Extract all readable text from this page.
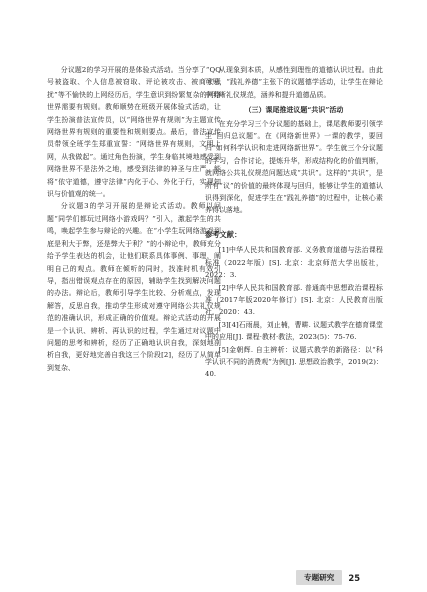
分议题2的学习开展的是体验式活动。当分享了“QQ号被盗取、个人信息被窃取、评论被攻击、被商家骚扰”等不愉快的上网经历后，学生意识到纷繁复杂的网络世界需要有规则。教师顺势在班级开展体验式活动，让学生扮演普法宣传员，以“网络世界有规则”为主题宣传网络世界有规则的重要性和规则要点。最后，普法宣传员带领全班学生郑重宣誓：“网络世界有规则，文明上网，从我做起”。通过角色扮演，学生身临其境地感受到网络世界不是法外之地，感受到法律的神圣与庄严，能将“依守道德，遵守法律”内化于心、外化于行，实现知识与价值观的统一。

分议题3的学习开展的是辩论式活动。教师以问题“同学们都玩过网络小游戏吗？”引入，激起学生的共鸣，唤起学生参与辩论的兴趣。在“小学生玩网络游戏到底是利大于弊，还是弊大于利？”的小辩论中，教师充分给予学生表达的机会，让他们联系具体事例、事理，阐明自己的观点。教师在倾听的同时，找准时机有效引导，指出错误观点存在的原因，辅助学生找到解决问题的办法。辩论后，教师引导学生比较、分析观点，发现解答，反思自我，推动学生形成对遵守网络公共礼仪规范的准确认识，形成正确的价值观。辩论式活动的开展是一个认识、辨析、再认识的过程，学生通过对议题中问题的思考和辨析，经历了正确地认识自我，深刻地剖析自我，更好地完善自我这三个阶段[2]，经历了从简单到复杂、

从现象到本质，从感性到理性的道德认识过程。由此可见，“践礼养德”主张下的议题德学活动，让学生在辩论中明晰礼仪规范，涵养和提升道德品质。

（三）课尾推进议题“共识”活动

在充分学习三个分议题的基础上，课尾教师要引领学生“回归总议题”。在《网络新世界》一课的教学，要回归“如何科学认识和走进网络新世界”。学生就三个分议题的学习，合作讨论，提炼升华，形成结构化的价值判断，就网络公共礼仪规范问题达成“共识”。这样的“共识”，是所有“议”的价值的最终体现与回归，能够让学生的道德认识得到深化，促进学生在“践礼养德”的过程中，让核心素养得以落地。

参考文献：

[1]中华人民共和国教育部. 义务教育道德与法治课程标准（2022年版）[S]. 北京：北京师范大学出版社，2022：3.

[2]中华人民共和国教育部. 普通高中思想政治课程标准（2017年版2020年修订）[S]. 北京：人民教育出版社，2020：43.

[3][4]石雨晨，刘止楠，曹畊. 议题式教学在德育课堂中的应用[J]. 课程·教材·教法，2023(5)：75-76.

[5]金朝辉. 自主辨析：议题式教学的新路径：以“科学认识不同的消费观”为例[J]. 思想政治教学，2019(2)：40.

专题研究	25
